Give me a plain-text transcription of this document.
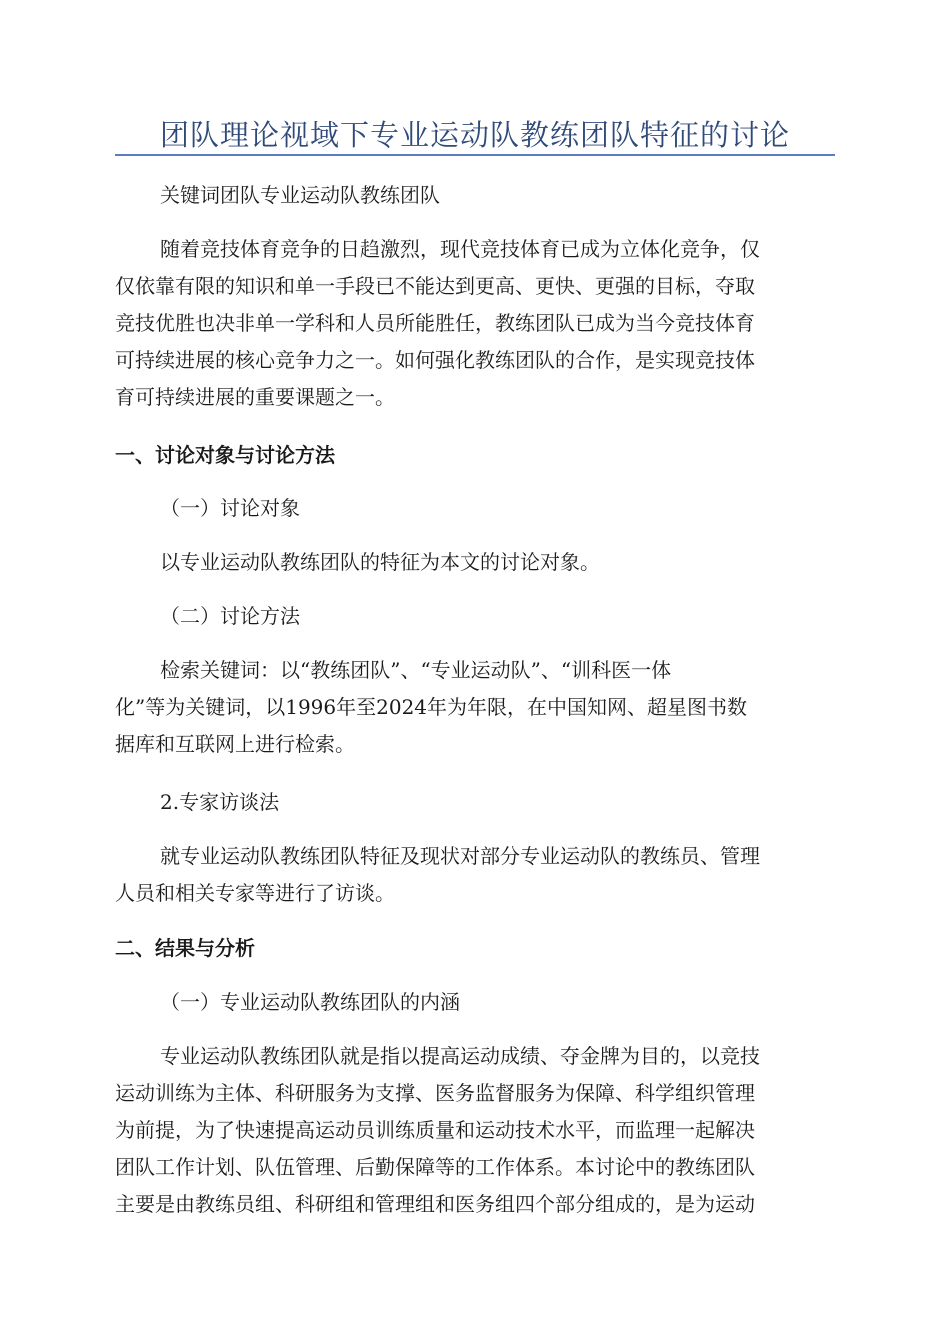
团队理论视域下专业运动队教练团队特征的讨论
关键词团队专业运动队教练团队
随着竞技体育竞争的日趋激烈，现代竞技体育已成为立体化竞争，仅
仅依靠有限的知识和单一手段已不能达到更高、更快、更强的目标，夺取
竞技优胜也决非单一学科和人员所能胜任，教练团队已成为当今竞技体育
可持续进展的核心竞争力之一。如何强化教练团队的合作，是实现竞技体
育可持续进展的重要课题之一。
一、讨论对象与讨论方法
（一）讨论对象
以专业运动队教练团队的特征为本文的讨论对象。
（二）讨论方法
检索关键词：以“教练团队”、“专业运动队”、“训科医一体
化”等为关键词，以1996年至2024年为年限，在中国知网、超星图书数
据库和互联网上进行检索。
2.专家访谈法
就专业运动队教练团队特征及现状对部分专业运动队的教练员、管理
人员和相关专家等进行了访谈。
二、结果与分析
（一）专业运动队教练团队的内涵
专业运动队教练团队就是指以提高运动成绩、夺金牌为目的，以竞技
运动训练为主体、科研服务为支撑、医务监督服务为保障、科学组织管理
为前提，为了快速提高运动员训练质量和运动技术水平，而监理一起解决
团队工作计划、队伍管理、后勤保障等的工作体系。本讨论中的教练团队
主要是由教练员组、科研组和管理组和医务组四个部分组成的，是为运动
